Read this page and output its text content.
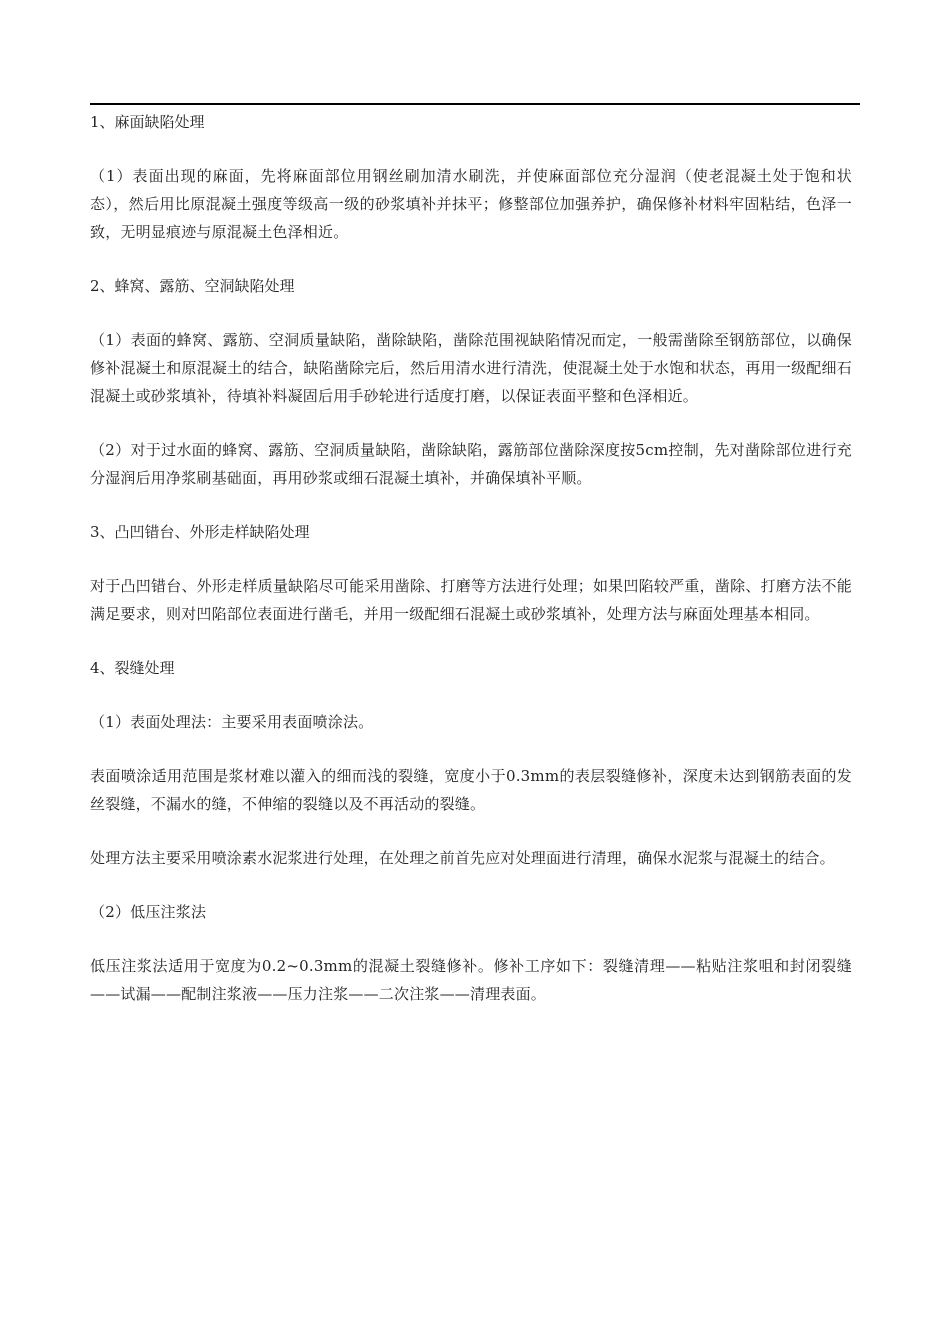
1、麻面缺陷处理

（1）表面出现的麻面，先将麻面部位用钢丝刷加清水刷洗，并使麻面部位充分湿润（使老混凝土处于饱和状态），然后用比原混凝土强度等级高一级的砂浆填补并抹平；修整部位加强养护，确保修补材料牢固粘结，色泽一致，无明显痕迹与原混凝土色泽相近。

2、蜂窝、露筋、空洞缺陷处理

（1）表面的蜂窝、露筋、空洞质量缺陷，凿除缺陷，凿除范围视缺陷情况而定，一般需凿除至钢筋部位，以确保修补混凝土和原混凝土的结合，缺陷凿除完后，然后用清水进行清洗，使混凝土处于水饱和状态，再用一级配细石混凝土或砂浆填补，待填补料凝固后用手砂轮进行适度打磨，以保证表面平整和色泽相近。

（2）对于过水面的蜂窝、露筋、空洞质量缺陷，凿除缺陷，露筋部位凿除深度按5cm控制，先对凿除部位进行充分湿润后用净浆刷基础面，再用砂浆或细石混凝土填补，并确保填补平顺。

3、凸凹错台、外形走样缺陷处理

对于凸凹错台、外形走样质量缺陷尽可能采用凿除、打磨等方法进行处理；如果凹陷较严重，凿除、打磨方法不能满足要求，则对凹陷部位表面进行凿毛，并用一级配细石混凝土或砂浆填补，处理方法与麻面处理基本相同。

4、裂缝处理

（1）表面处理法：主要采用表面喷涂法。

表面喷涂适用范围是浆材难以灌入的细而浅的裂缝，宽度小于0.3mm的表层裂缝修补，深度未达到钢筋表面的发丝裂缝，不漏水的缝，不伸缩的裂缝以及不再活动的裂缝。

处理方法主要采用喷涂素水泥浆进行处理，在处理之前首先应对处理面进行清理，确保水泥浆与混凝土的结合。

（2）低压注浆法

低压注浆法适用于宽度为0.2~0.3mm的混凝土裂缝修补。修补工序如下：裂缝清理——粘贴注浆咀和封闭裂缝——试漏——配制注浆液——压力注浆——二次注浆——清理表面。
